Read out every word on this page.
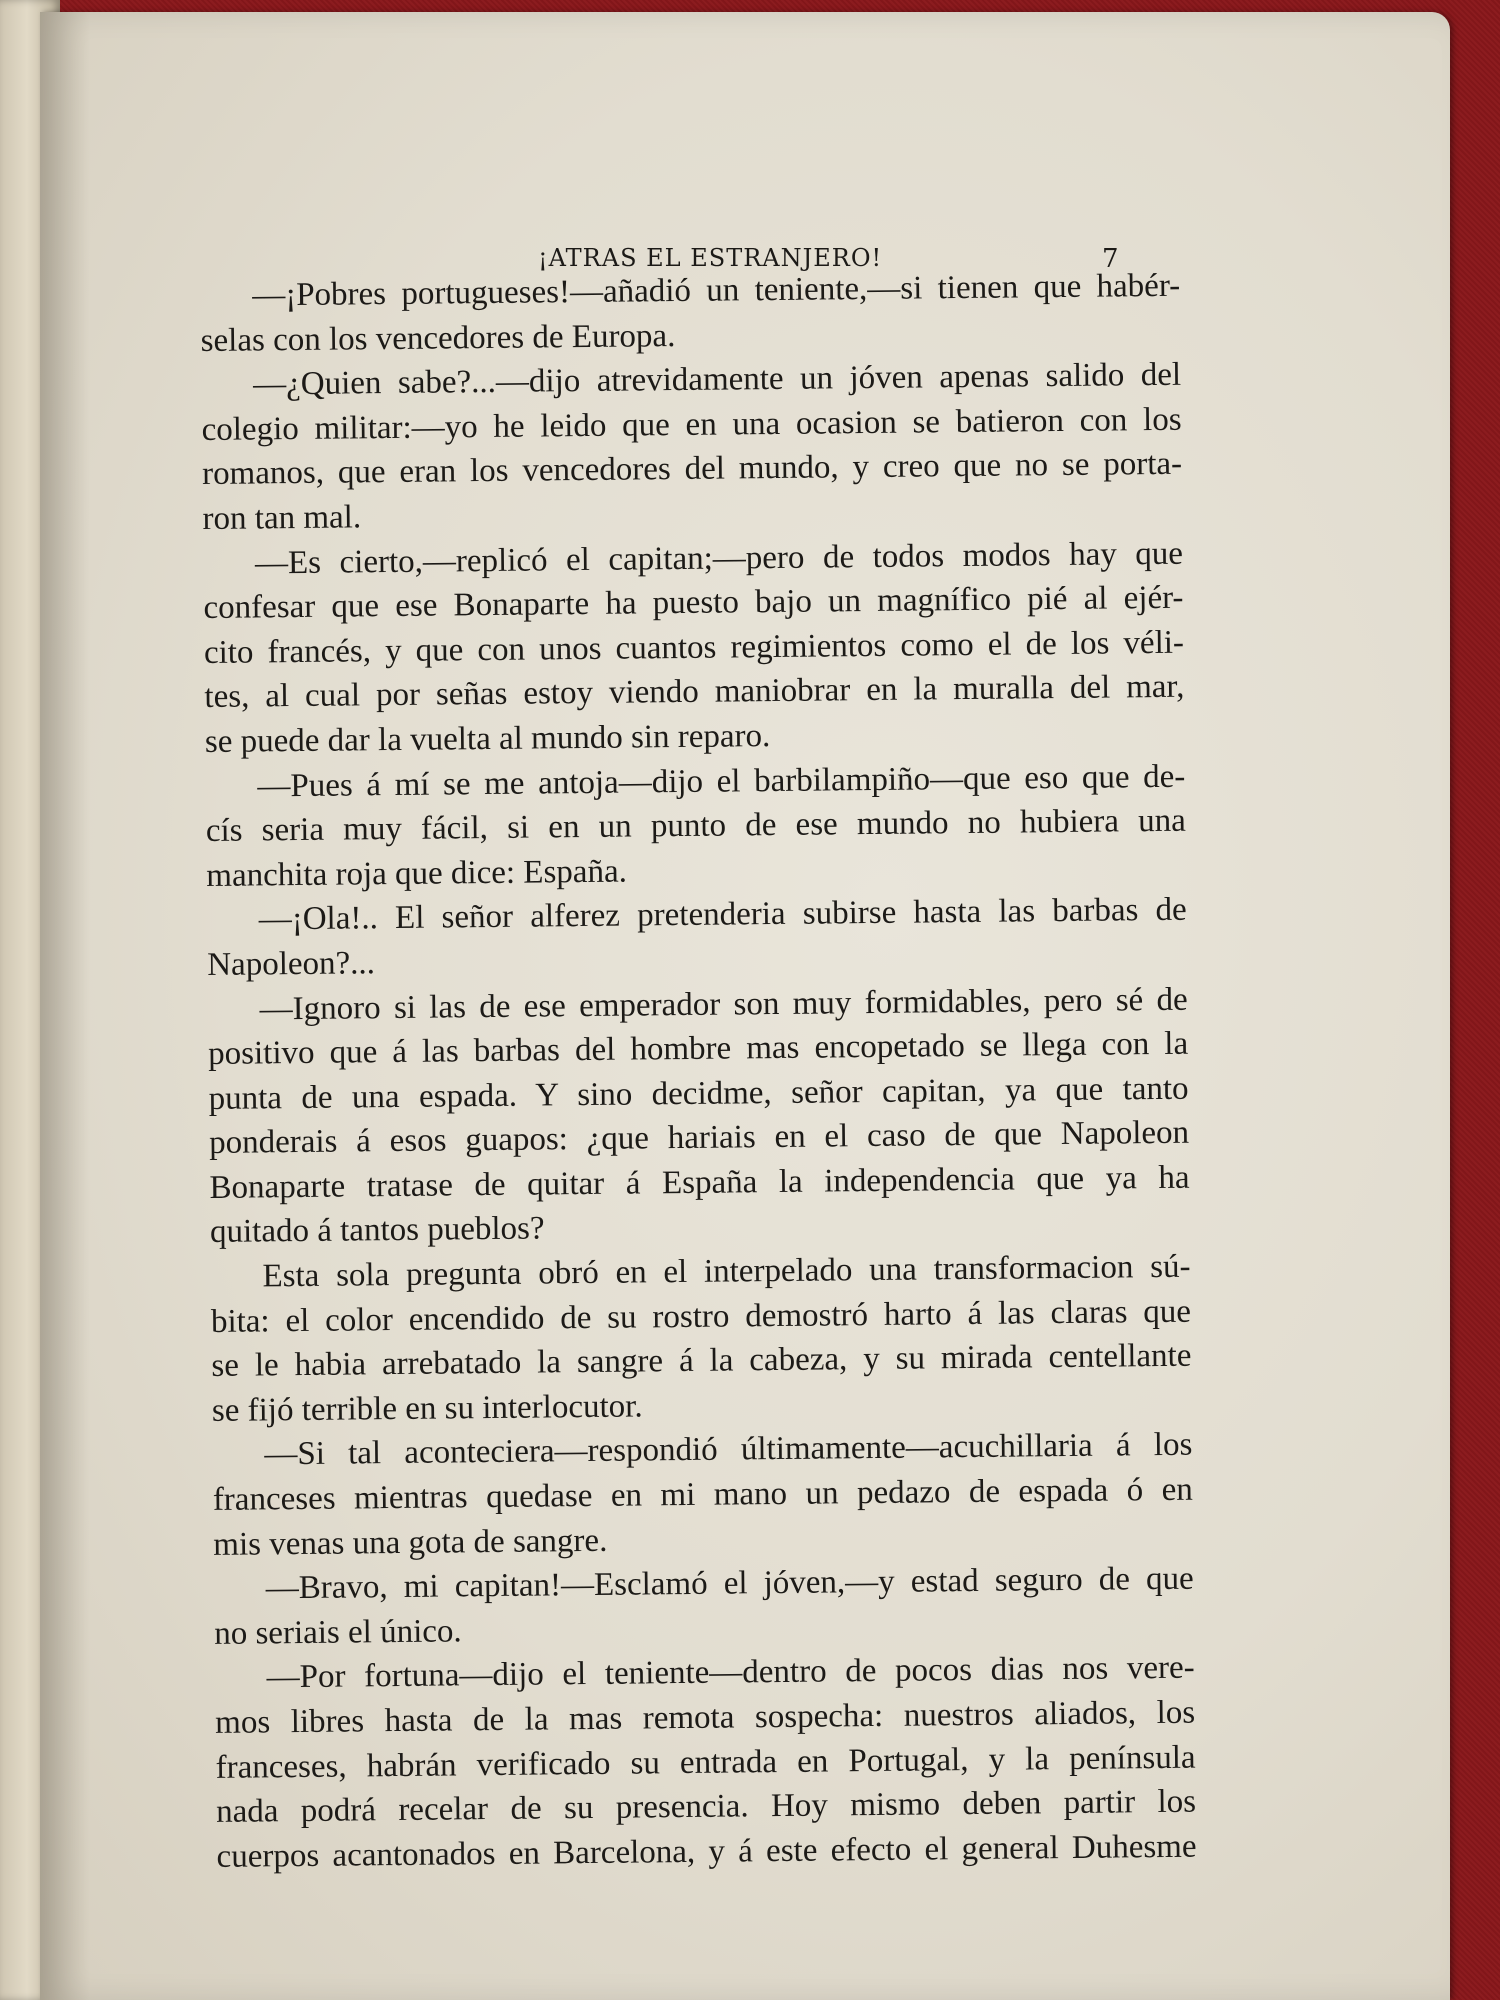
¡ATRAS EL ESTRANJERO!	7
—¡Pobres portugueses!—añadió un teniente,—si tienen que habér-
selas con los vencedores de Europa.
—¿Quien sabe?...—dijo atrevidamente un jóven apenas salido del
colegio militar:—yo he leido que en una ocasion se batieron con los
romanos, que eran los vencedores del mundo, y creo que no se porta-
ron tan mal.
—Es cierto,—replicó el capitan;—pero de todos modos hay que
confesar que ese Bonaparte ha puesto bajo un magnífico pié al ejér-
cito francés, y que con unos cuantos regimientos como el de los véli-
tes, al cual por señas estoy viendo maniobrar en la muralla del mar,
se puede dar la vuelta al mundo sin reparo.
—Pues á mí se me antoja—dijo el barbilampiño—que eso que de-
cís seria muy fácil, si en un punto de ese mundo no hubiera una
manchita roja que dice: España.
—¡Ola!.. El señor alferez pretenderia subirse hasta las barbas de
Napoleon?...
—Ignoro si las de ese emperador son muy formidables, pero sé de
positivo que á las barbas del hombre mas encopetado se llega con la
punta de una espada. Y sino decidme, señor capitan, ya que tanto
ponderais á esos guapos: ¿que hariais en el caso de que Napoleon
Bonaparte tratase de quitar á España la independencia que ya ha
quitado á tantos pueblos?
Esta sola pregunta obró en el interpelado una transformacion sú-
bita: el color encendido de su rostro demostró harto á las claras que
se le habia arrebatado la sangre á la cabeza, y su mirada centellante
se fijó terrible en su interlocutor.
—Si tal aconteciera—respondió últimamente—acuchillaria á los
franceses mientras quedase en mi mano un pedazo de espada ó en
mis venas una gota de sangre.
—Bravo, mi capitan!—Esclamó el jóven,—y estad seguro de que
no seriais el único.
—Por fortuna—dijo el teniente—dentro de pocos dias nos vere-
mos libres hasta de la mas remota sospecha: nuestros aliados, los
franceses, habrán verificado su entrada en Portugal, y la península
nada podrá recelar de su presencia. Hoy mismo deben partir los
cuerpos acantonados en Barcelona, y á este efecto el general Duhesme
